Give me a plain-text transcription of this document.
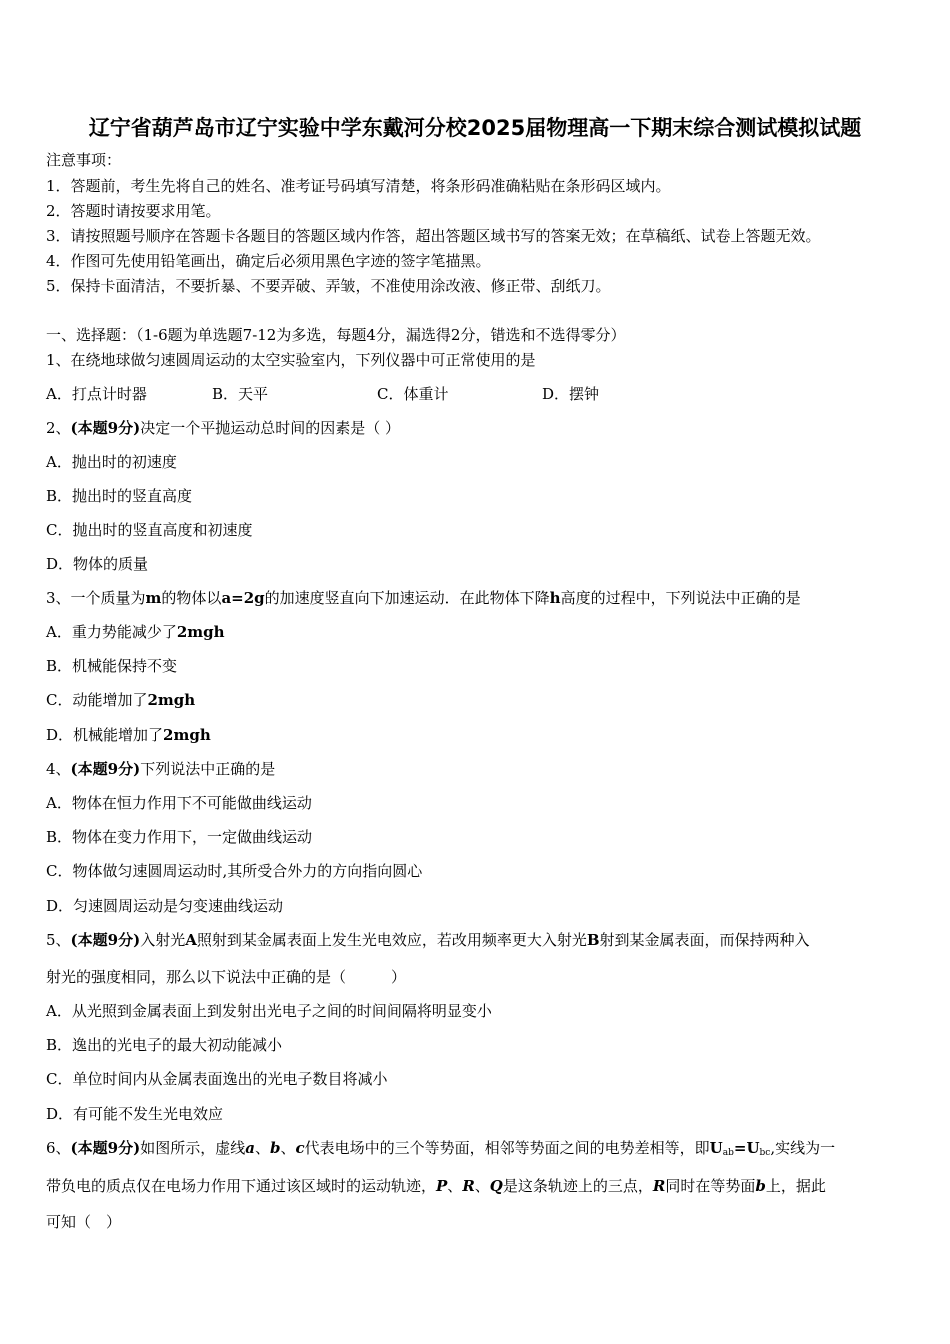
辽宁省葫芦岛市辽宁实验中学东戴河分校2025届物理高一下期末综合测试模拟试题
注意事项：
1．答题前，考生先将自己的姓名、准考证号码填写清楚，将条形码准确粘贴在条形码区域内。
2．答题时请按要求用笔。
3．请按照题号顺序在答题卡各题目的答题区域内作答，超出答题区域书写的答案无效；在草稿纸、试卷上答题无效。
4．作图可先使用铅笔画出，确定后必须用黑色字迹的签字笔描黑。
5．保持卡面清洁，不要折暴、不要弄破、弄皱，不准使用涂改液、修正带、刮纸刀。
一、选择题：（1-6题为单选题7-12为多选，每题4分，漏选得2分，错选和不选得零分）
1、在绕地球做匀速圆周运动的太空实验室内，下列仪器中可正常使用的是
A．打点计时器	B．天平	C．体重计	D．摆钟
2、(本题9分)决定一个平抛运动总时间的因素是（ ）
A．抛出时的初速度
B．抛出时的竖直高度
C．抛出时的竖直高度和初速度
D．物体的质量
3、一个质量为m的物体以a=2g的加速度竖直向下加速运动．在此物体下降h高度的过程中，下列说法中正确的是
A．重力势能减少了2mgh
B．机械能保持不变
C．动能增加了2mgh
D．机械能增加了2mgh
4、(本题9分)下列说法中正确的是
A．物体在恒力作用下不可能做曲线运动
B．物体在变力作用下，一定做曲线运动
C．物体做匀速圆周运动时,其所受合外力的方向指向圆心
D．匀速圆周运动是匀变速曲线运动
5、(本题9分)入射光A照射到某金属表面上发生光电效应，若改用频率更大入射光B射到某金属表面，而保持两种入
射光的强度相同，那么以下说法中正确的是（　　　）
A．从光照到金属表面上到发射出光电子之间的时间间隔将明显变小
B．逸出的光电子的最大初动能减小
C．单位时间内从金属表面逸出的光电子数目将减小
D．有可能不发生光电效应
6、(本题9分)如图所示，虚线a、b、c代表电场中的三个等势面，相邻等势面之间的电势差相等，即$U_{ab}=U_{bc}$,实线为一
带负电的质点仅在电场力作用下通过该区域时的运动轨迹，P、R、Q是这条轨迹上的三点，R同时在等势面b上，据此
可知（　）
